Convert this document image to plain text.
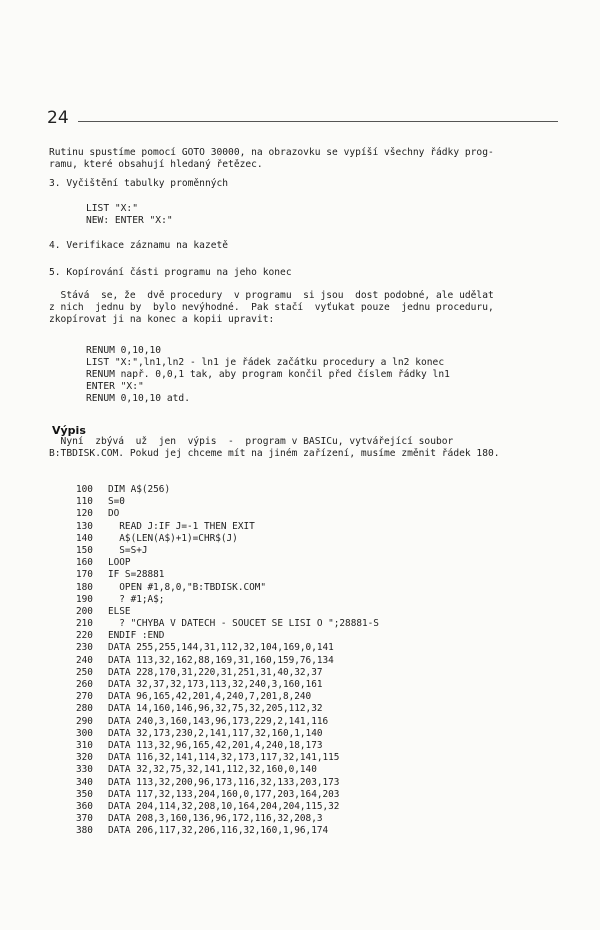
24
Rutinu spustíme pomocí GOTO 30000, na obrazovku se vypíší všechny řádky prog-
ramu, které obsahují hledaný řetězec.
3. Vyčištění tabulky proměnných
LIST "X:"
NEW: ENTER "X:"
4. Verifikace záznamu na kazetě
5. Kopírování části programu na jeho konec
Stává  se, že  dvě procedury  v programu  si jsou  dost podobné, ale udělat
z nich  jednu by  bylo nevýhodné.  Pak stačí  vyťukat pouze  jednu proceduru,
zkopírovat ji na konec a kopii upravit:
RENUM 0,10,10
LIST "X:",ln1,ln2 - ln1 je řádek začátku procedury a ln2 konec
RENUM např. 0,0,1 tak, aby program končil před číslem řádky ln1
ENTER "X:"
RENUM 0,10,10 atd.
Výpis
Nyní  zbývá  už  jen  výpis  -  program v BASICu, vytvářející soubor
B:TBDISK.COM. Pokud jej chceme mít na jiném zařízení, musíme změnit řádek 180.
100 DIM A$(256)
110 S=0
120 DO
130  READ J:IF J=-1 THEN EXIT
140  A$(LEN(A$)+1)=CHR$(J)
150  S=S+J
160 LOOP
170 IF S=28881
180  OPEN #1,8,0,"B:TBDISK.COM"
190  ? #1;A$;
200 ELSE
210  ? "CHYBA V DATECH - SOUCET SE LISI O ";28881-S
220 ENDIF :END
230 DATA 255,255,144,31,112,32,104,169,0,141
240 DATA 113,32,162,88,169,31,160,159,76,134
250 DATA 228,170,31,220,31,251,31,40,32,37
260 DATA 32,37,32,173,113,32,240,3,160,161
270 DATA 96,165,42,201,4,240,7,201,8,240
280 DATA 14,160,146,96,32,75,32,205,112,32
290 DATA 240,3,160,143,96,173,229,2,141,116
300 DATA 32,173,230,2,141,117,32,160,1,140
310 DATA 113,32,96,165,42,201,4,240,18,173
320 DATA 116,32,141,114,32,173,117,32,141,115
330 DATA 32,32,75,32,141,112,32,160,0,140
340 DATA 113,32,200,96,173,116,32,133,203,173
350 DATA 117,32,133,204,160,0,177,203,164,203
360 DATA 204,114,32,208,10,164,204,204,115,32
370 DATA 208,3,160,136,96,172,116,32,208,3
380 DATA 206,117,32,206,116,32,160,1,96,174
